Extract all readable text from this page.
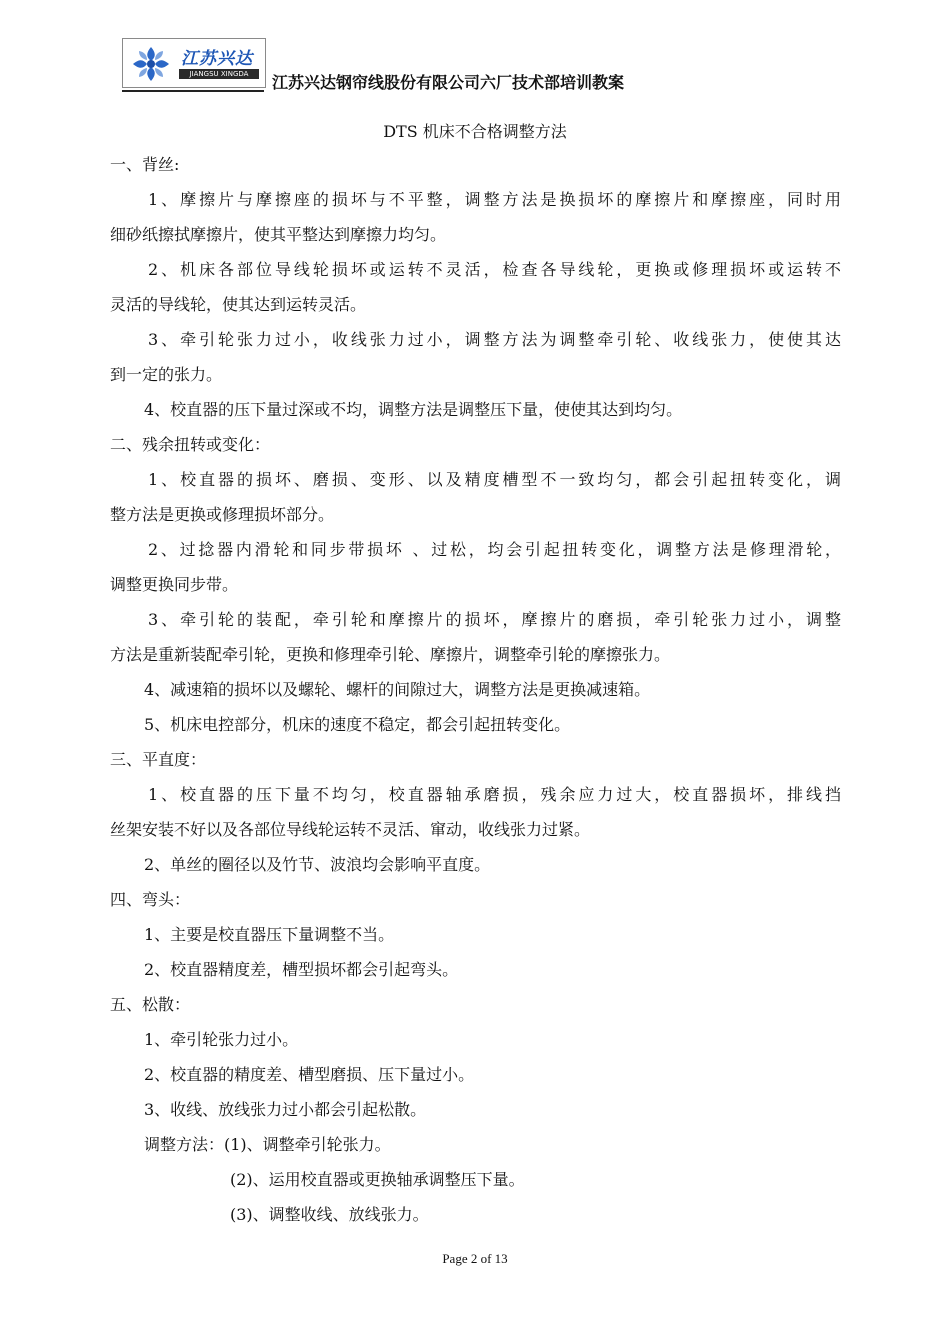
江苏兴达
JIANGSU XINGDA	江苏兴达钢帘线股份有限公司六厂技术部培训教案
DTS 机床不合格调整方法
一、背丝:
1、摩擦片与摩擦座的损坏与不平整，调整方法是换损坏的摩擦片和摩擦座，同时用
细砂纸擦拭摩擦片，使其平整达到摩擦力均匀。
2、机床各部位导线轮损坏或运转不灵活，检查各导线轮，更换或修理损坏或运转不
灵活的导线轮，使其达到运转灵活。
3、牵引轮张力过小，收线张力过小，调整方法为调整牵引轮、收线张力，使使其达
到一定的张力。
4、校直器的压下量过深或不均，调整方法是调整压下量，使使其达到均匀。
二、残余扭转或变化：
1、校直器的损坏、磨损、变形、以及精度槽型不一致均匀，都会引起扭转变化，调
整方法是更换或修理损坏部分。
2、过捻器内滑轮和同步带损坏 、过松，均会引起扭转变化，调整方法是修理滑轮，
调整更换同步带。
3、牵引轮的装配，牵引轮和摩擦片的损坏，摩擦片的磨损，牵引轮张力过小，调整
方法是重新装配牵引轮，更换和修理牵引轮、摩擦片，调整牵引轮的摩擦张力。
4、减速箱的损坏以及螺轮、螺杆的间隙过大，调整方法是更换减速箱。
5、机床电控部分，机床的速度不稳定，都会引起扭转变化。
三、平直度：
1、校直器的压下量不均匀，校直器轴承磨损，残余应力过大，校直器损坏，排线挡
丝架安装不好以及各部位导线轮运转不灵活、窜动，收线张力过紧。
2、单丝的圈径以及竹节、波浪均会影响平直度。
四、弯头：
1、主要是校直器压下量调整不当。
2、校直器精度差，槽型损坏都会引起弯头。
五、松散：
1、牵引轮张力过小。
2、校直器的精度差、槽型磨损、压下量过小。
3、收线、放线张力过小都会引起松散。
调整方法：(1)、调整牵引轮张力。
(2)、运用校直器或更换轴承调整压下量。
(3)、调整收线、放线张力。
Page 2 of 13
